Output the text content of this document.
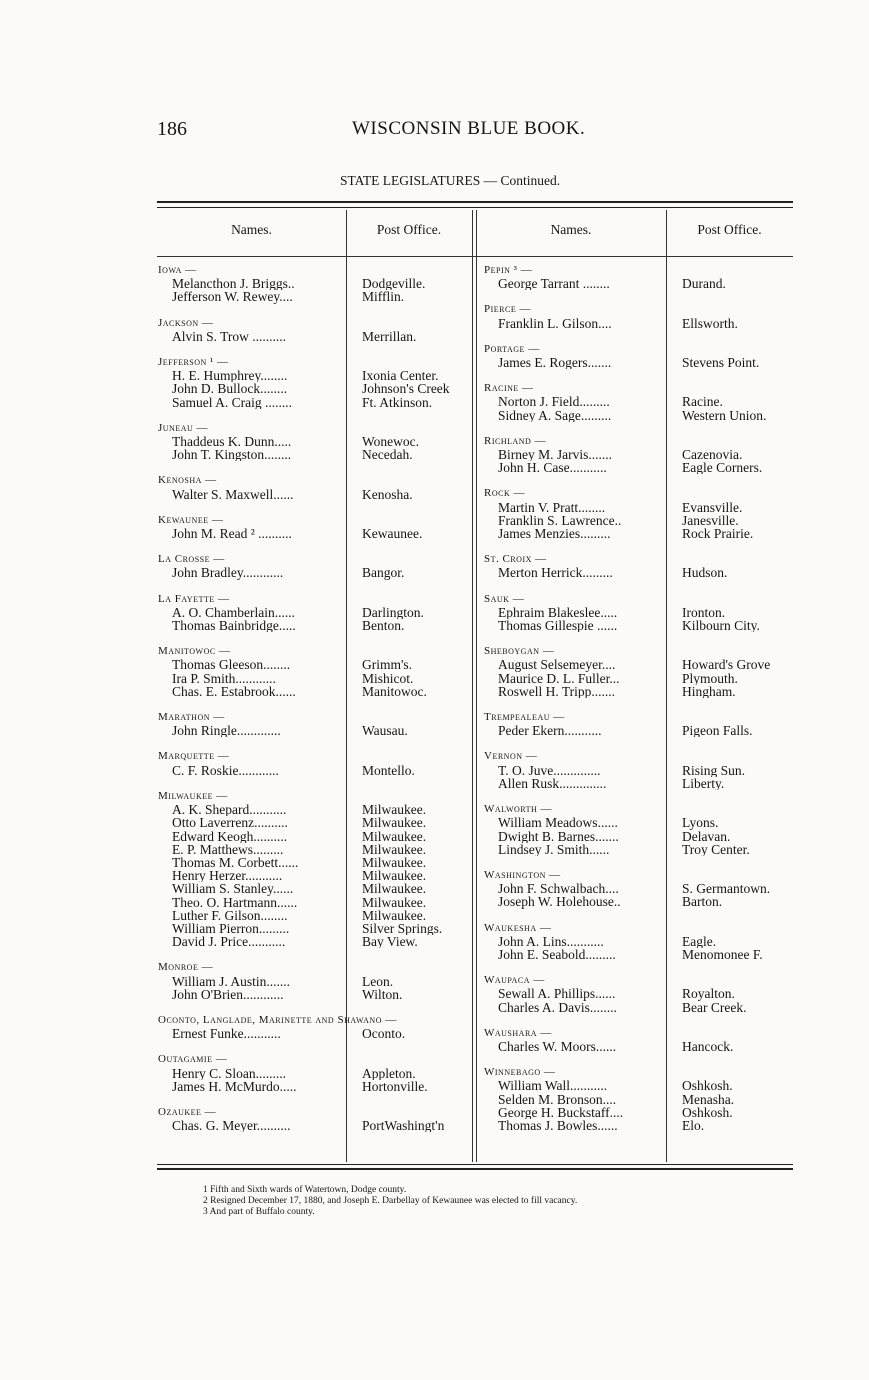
186	WISCONSIN BLUE BOOK.
STATE LEGISLATURES — Continued.
Names.	Post Office.	Names.	Post Office.
Iowa —
Melancthon J. Briggs..	Dodgeville.
Jefferson W. Rewey....	Mifflin.
Jackson —
Alvin S. Trow ..........	Merrillan.
Jefferson ¹ —
H. E. Humphrey........	Ixonia Center.
John D. Bullock........	Johnson's Creek
Samuel A. Craig ........	Ft. Atkinson.
Juneau —
Thaddeus K. Dunn.....	Wonewoc.
John T. Kingston........	Necedah.
Kenosha —
Walter S. Maxwell......	Kenosha.
Kewaunee —
John M. Read ² ..........	Kewaunee.
La Crosse —
John Bradley............	Bangor.
La Fayette —
A. O. Chamberlain......	Darlington.
Thomas Bainbridge.....	Benton.
Manitowoc —
Thomas Gleeson........	Grimm's.
Ira P. Smith............	Mishicot.
Chas. E. Estabrook......	Manitowoc.
Marathon —
John Ringle.............	Wausau.
Marquette —
C. F. Roskie............	Montello.
Milwaukee —
A. K. Shepard...........	Milwaukee.
Otto Laverrenz..........	Milwaukee.
Edward Keogh..........	Milwaukee.
E. P. Matthews.........	Milwaukee.
Thomas M. Corbett......	Milwaukee.
Henry Herzer...........	Milwaukee.
William S. Stanley......	Milwaukee.
Theo. O. Hartmann......	Milwaukee.
Luther F. Gilson........	Milwaukee.
William Pierron.........	Silver Springs.
David J. Price...........	Bay View.
Monroe —
William J. Austin.......	Leon.
John O'Brien............	Wilton.
Oconto, Langlade, Marinette and Shawano —
Ernest Funke...........	Oconto.
Outagamie —
Henry C. Sloan.........	Appleton.
James H. McMurdo.....	Hortonville.
Ozaukee —
Chas. G. Meyer..........	PortWashingt'n
Pepin ³ —
George Tarrant ........	Durand.
Pierce —
Franklin L. Gilson....	Ellsworth.
Portage —
James E. Rogers.......	Stevens Point.
Racine —
Norton J. Field.........	Racine.
Sidney A. Sage.........	Western Union.
Richland —
Birney M. Jarvis.......	Cazenovia.
John H. Case...........	Eagle Corners.
Rock —
Martin V. Pratt........	Evansville.
Franklin S. Lawrence..	Janesville.
James Menzies.........	Rock Prairie.
St. Croix —
Merton Herrick.........	Hudson.
Sauk —
Ephraim Blakeslee.....	Ironton.
Thomas Gillespie ......	Kilbourn City.
Sheboygan —
August Selsemeyer....	Howard's Grove
Maurice D. L. Fuller...	Plymouth.
Roswell H. Tripp.......	Hingham.
Trempealeau —
Peder Ekern...........	Pigeon Falls.
Vernon —
T. O. Juve..............	Rising Sun.
Allen Rusk..............	Liberty.
Walworth —
William Meadows......	Lyons.
Dwight B. Barnes.......	Delavan.
Lindsey J. Smith......	Troy Center.
Washington —
John F. Schwalbach....	S. Germantown.
Joseph W. Holehouse..	Barton.
Waukesha —
John A. Lins...........	Eagle.
John E. Seabold.........	Menomonee F.
Waupaca —
Sewall A. Phillips......	Royalton.
Charles A. Davis........	Bear Creek.
Waushara —
Charles W. Moors......	Hancock.
Winnebago —
William Wall...........	Oshkosh.
Selden M. Bronson....	Menasha.
George H. Buckstaff....	Oshkosh.
Thomas J. Bowles......	Elo.
1 Fifth and Sixth wards of Watertown, Dodge county.
2 Resigned December 17, 1880, and Joseph E. Darbellay of Kewaunee was elected to fill vacancy.
3 And part of Buffalo county.
